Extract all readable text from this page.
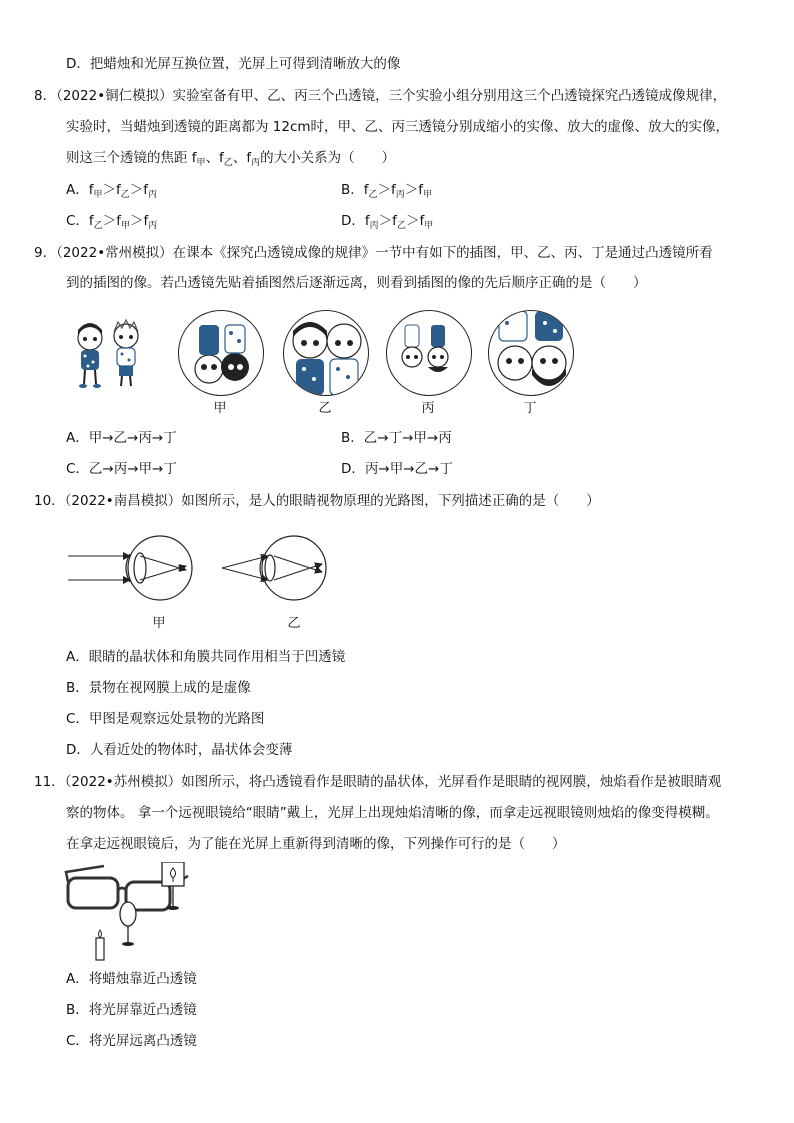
D．把蜡烛和光屏互换位置，光屏上可得到清晰放大的像
8．（2022•铜仁模拟）实验室备有甲、乙、丙三个凸透镜，三个实验小组分别用这三个凸透镜探究凸透镜成像规律，
实验时，当蜡烛到透镜的距离都为 12cm时，甲、乙、丙三透镜分别成缩小的实像、放大的虚像、放大的实像，
则这三个透镜的焦距 $f_甲$、$f_乙$、$f_丙$的大小关系为（　　）
A．$f_甲>f_乙>f_丙$	B．$f_乙>f_丙>f_甲$
C．$f_乙>f_甲>f_丙$	D．$f_丙>f_乙>f_甲$
9．（2022•常州模拟）在课本《探究凸透镜成像的规律》一节中有如下的插图，甲、乙、丙、丁是通过凸透镜所看
到的插图的像。若凸透镜先贴着插图然后逐渐远离，则看到插图的像的先后顺序正确的是（　　）
甲	乙	丙	丁
A．甲→乙→丙→丁	B．乙→丁→甲→丙
C．乙→丙→甲→丁	D．丙→甲→乙→丁
10．（2022•南昌模拟）如图所示，是人的眼睛视物原理的光路图，下列描述正确的是（　　）
甲	乙
A．眼睛的晶状体和角膜共同作用相当于凹透镜
B．景物在视网膜上成的是虚像
C．甲图是观察远处景物的光路图
D．人看近处的物体时，晶状体会变薄
11．（2022•苏州模拟）如图所示，将凸透镜看作是眼睛的晶状体，光屏看作是眼睛的视网膜，烛焰看作是被眼睛观
察的物体。 拿一个远视眼镜给“眼睛”戴上，光屏上出现烛焰清晰的像，而拿走远视眼镜则烛焰的像变得模糊。
在拿走远视眼镜后，为了能在光屏上重新得到清晰的像，下列操作可行的是（　　）
A．将蜡烛靠近凸透镜
B．将光屏靠近凸透镜
C．将光屏远离凸透镜
